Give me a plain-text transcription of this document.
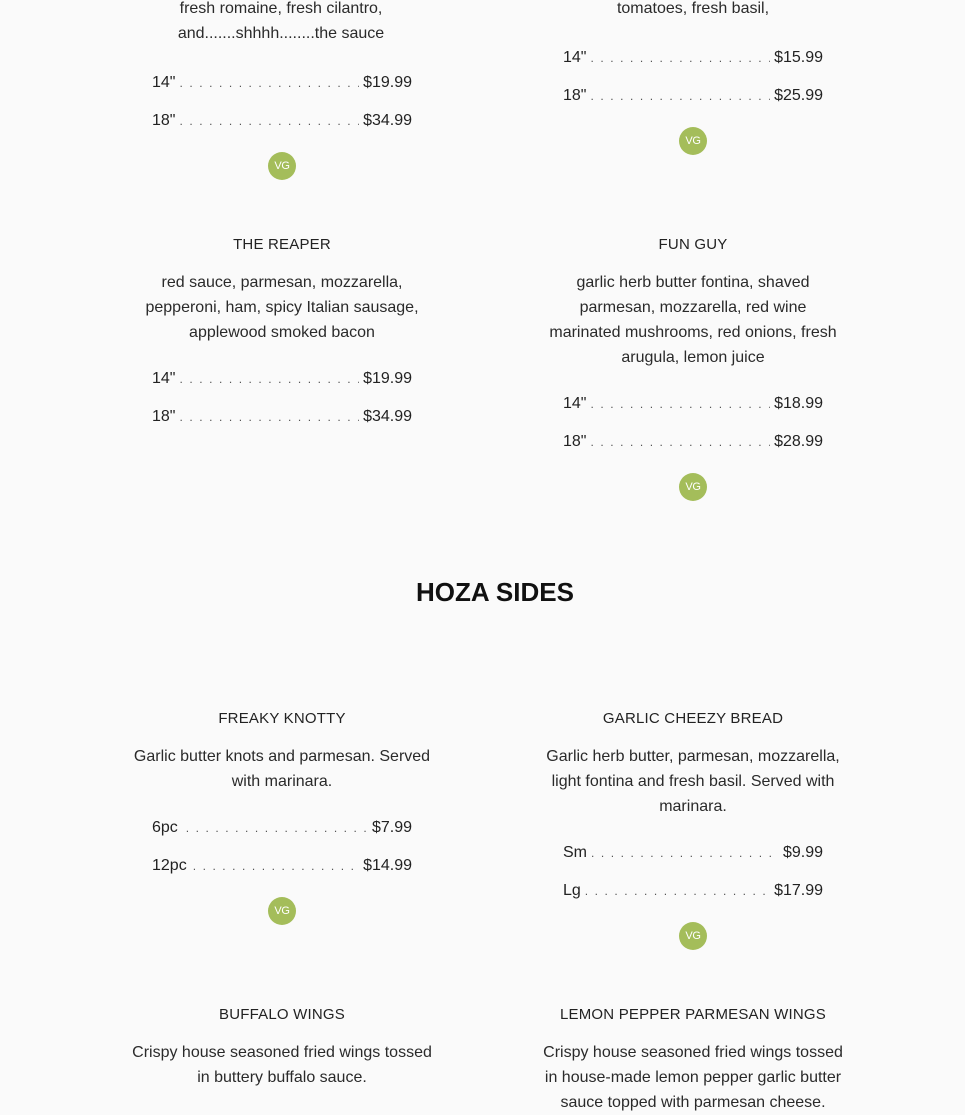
fresh romaine, fresh cilantro,
and.......shhhh........the sauce
14" . . .	$19.99
18" . . .	$34.99
VG
tomatoes, fresh basil,
14" . . .	$15.99
18" . . .	$25.99
VG
THE REAPER
red sauce, parmesan, mozzarella,
pepperoni, ham, spicy Italian sausage,
applewood smoked bacon
14" . . .	$19.99
18" . . .	$34.99
FUN GUY
garlic herb butter fontina, shaved
parmesan, mozzarella, red wine
marinated mushrooms, red onions, fresh
arugula, lemon juice
14" . . .	$18.99
18" . . .	$28.99
VG
HOZA SIDES
FREAKY KNOTTY
Garlic butter knots and parmesan. Served
with marinara.
6pc . . .	$7.99
12pc . . .	$14.99
VG
GARLIC CHEEZY BREAD
Garlic herb butter, parmesan, mozzarella,
light fontina and fresh basil. Served with
marinara.
Sm . . .	$9.99
Lg . . .	$17.99
VG
BUFFALO WINGS
Crispy house seasoned fried wings tossed
in buttery buffalo sauce.
LEMON PEPPER PARMESAN WINGS
Crispy house seasoned fried wings tossed
in house-made lemon pepper garlic butter
sauce topped with parmesan cheese.
